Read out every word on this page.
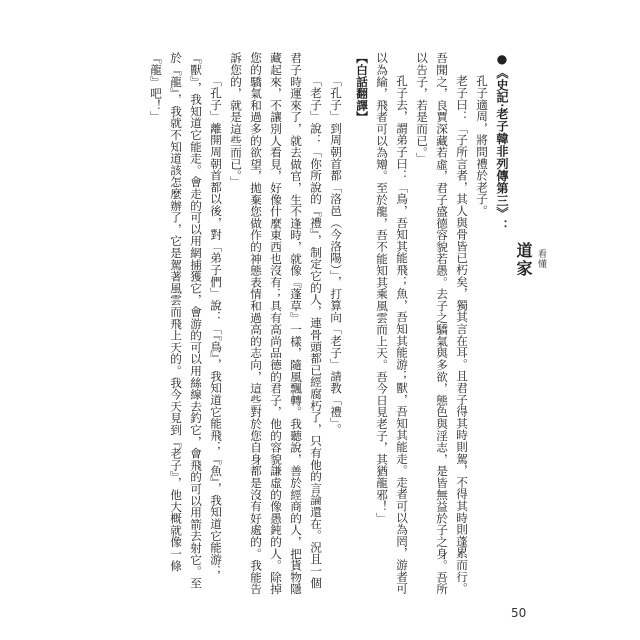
●《史記‧老子韓非列傳第三》：

孔子適周，將問禮於老子。

老子曰：「子所言者，其人與骨皆已朽矣，獨其言在耳。且君子得其時則駕，不得其時則蓬累而行。吾聞之，良賈深藏若虛，君子盛德容貌若愚。去子之驕氣與多欲，態色與淫志，是皆無益於子之身。吾所以告子，若是而已。」

孔子去，謂弟子曰：「鳥，吾知其能飛；魚，吾知其能游；獸，吾知其能走。走者可以為罔，游者可以為綸，飛者可以為矰。至於龍，吾不能知其乘風雲而上天。吾今日見老子，其猶龍邪！」

【白話翻譯】

「孔子」到周朝首都「洛邑（今洛陽）」，打算向「老子」請教「禮」。

「老子」說：「你所說的『禮』，制定它的人，連骨頭都已經腐朽了，只有他的言論還在。況且一個君子時運來了，就去做官，生不逢時，就像『蓬草』一樣，隨風飄轉。我聽說，善於經商的人，把貨物隱藏起來，不讓別人看見，好像什麼東西也沒有；具有高尚品德的君子，他的容貌謙虛的像愚鈍的人。除掉您的驕氣和過多的欲望，拋棄您做作的神態表情和過高的志向，這些對於您自身都是沒有好處的。我能告訴您的，就是這些而已。」

「孔子」離開周朝首都以後，對「弟子們」說：「『鳥』，我知道它能飛；『魚』，我知道它能游；『獸』，我知道它能走。會走的可以用網捕獲它，會游的可以用絲線去釣它，會飛的可以用箭去射它。至於『龍』，我就不知道該怎麼辦了，它是駕著風雲而飛上天的。我今天見到『老子』，他大概就像一條『龍』吧！」

看懂
道家
50
